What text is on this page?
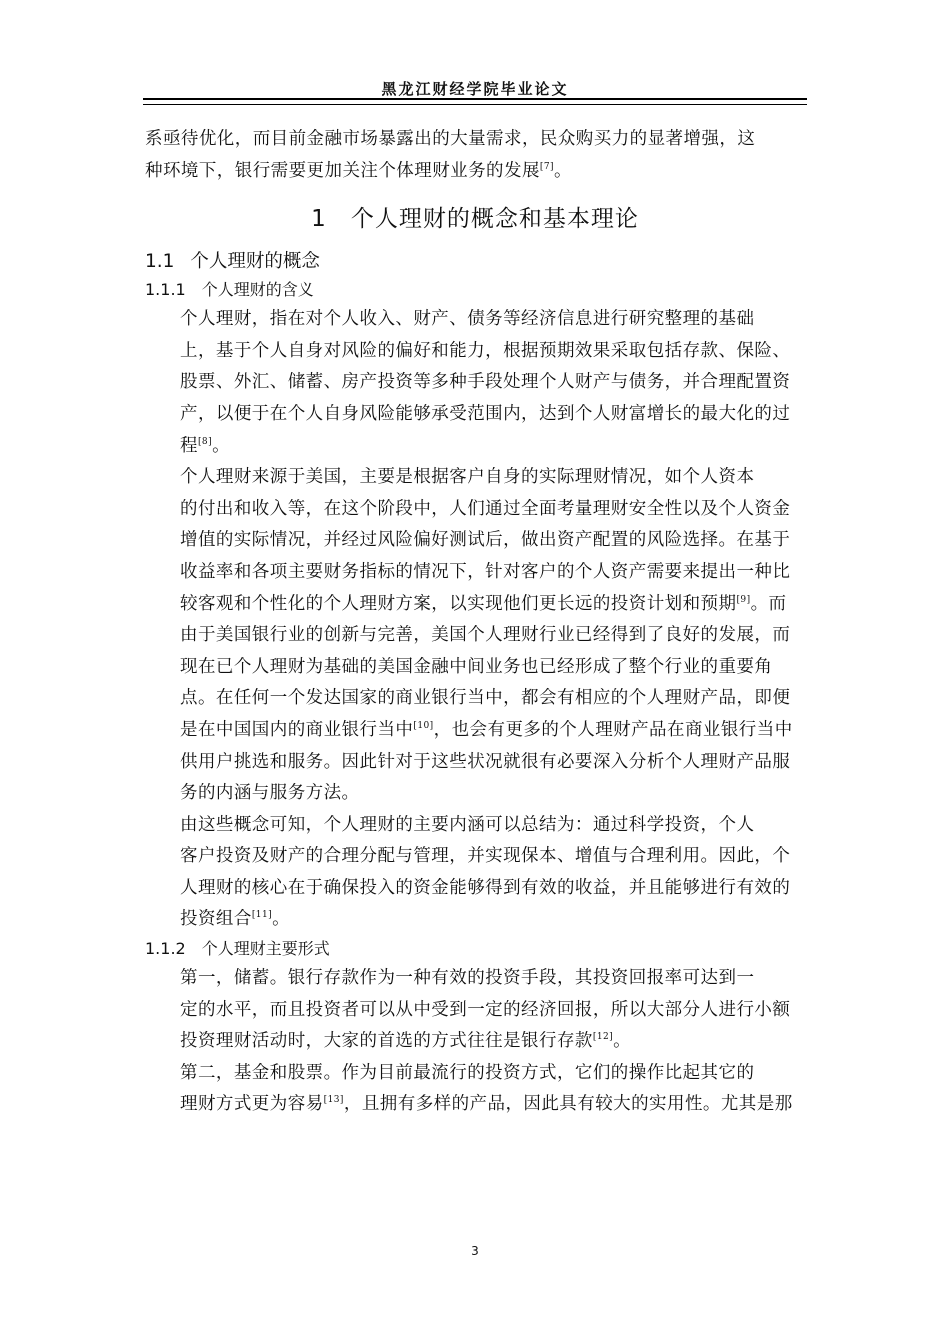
黑龙江财经学院毕业论文

系亟待优化，而目前金融市场暴露出的大量需求，民众购买力的显著增强，这
种环境下，银行需要更加关注个体理财业务的发展[7]。

1 个人理财的概念和基本理论
1.1 个人理财的概念
1.1.1 个人理财的含义

个人理财，指在对个人收入、财产、债务等经济信息进行研究整理的基础
上，基于个人自身对风险的偏好和能力，根据预期效果采取包括存款、保险、
股票、外汇、储蓄、房产投资等多种手段处理个人财产与债务，并合理配置资
产，以便于在个人自身风险能够承受范围内，达到个人财富增长的最大化的过
程[8]。

个人理财来源于美国，主要是根据客户自身的实际理财情况，如个人资本
的付出和收入等，在这个阶段中，人们通过全面考量理财安全性以及个人资金
增值的实际情况，并经过风险偏好测试后，做出资产配置的风险选择。在基于
收益率和各项主要财务指标的情况下，针对客户的个人资产需要来提出一种比
较客观和个性化的个人理财方案，以实现他们更长远的投资计划和预期[9]。而
由于美国银行业的创新与完善，美国个人理财行业已经得到了良好的发展，而
现在已个人理财为基础的美国金融中间业务也已经形成了整个行业的重要角
点。在任何一个发达国家的商业银行当中，都会有相应的个人理财产品，即便
是在中国国内的商业银行当中[10]，也会有更多的个人理财产品在商业银行当中
供用户挑选和服务。因此针对于这些状况就很有必要深入分析个人理财产品服
务的内涵与服务方法。

由这些概念可知，个人理财的主要内涵可以总结为：通过科学投资，个人
客户投资及财产的合理分配与管理，并实现保本、增值与合理利用。因此，个
人理财的核心在于确保投入的资金能够得到有效的收益，并且能够进行有效的
投资组合[11]。

1.1.2 个人理财主要形式

第一，储蓄。银行存款作为一种有效的投资手段，其投资回报率可达到一
定的水平，而且投资者可以从中受到一定的经济回报，所以大部分人进行小额
投资理财活动时，大家的首选的方式往往是银行存款[12]。

第二，基金和股票。作为目前最流行的投资方式，它们的操作比起其它的
理财方式更为容易[13]，且拥有多样的产品，因此具有较大的实用性。尤其是那

3
